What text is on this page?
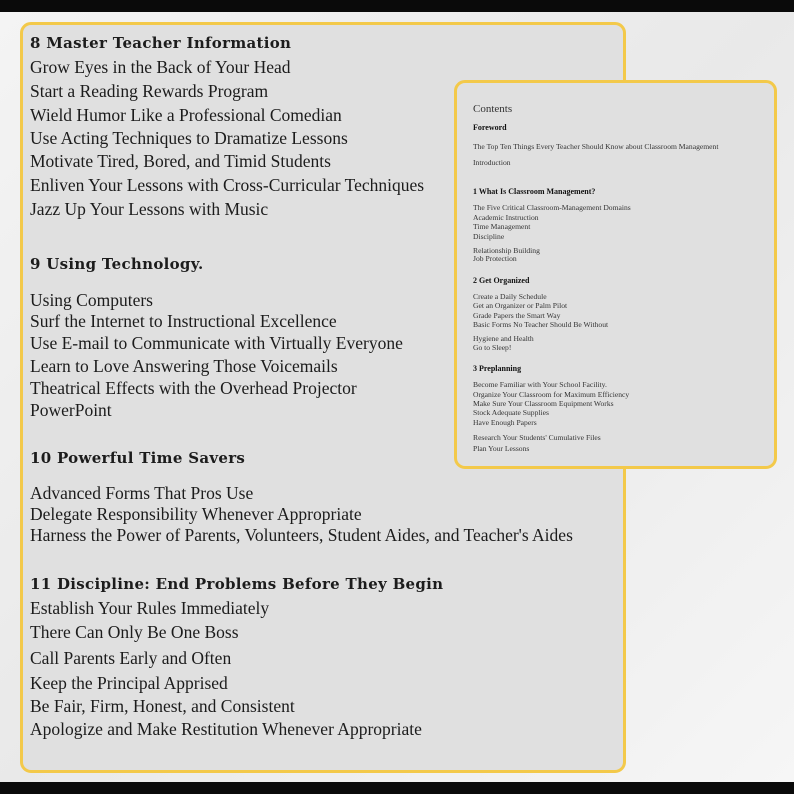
8 Master Teacher Information
Grow Eyes in the Back of Your Head
Start a Reading Rewards Program
Wield Humor Like a Professional Comedian
Use Acting Techniques to Dramatize Lessons
Motivate Tired, Bored, and Timid Students
Enliven Your Lessons with Cross-Curricular Techniques
Jazz Up Your Lessons with Music
9 Using Technology.
Using Computers
Surf the Internet to Instructional Excellence
Use E-mail to Communicate with Virtually Everyone
Learn to Love Answering Those Voicemails
Theatrical Effects with the Overhead Projector
PowerPoint
10 Powerful Time Savers
Advanced Forms That Pros Use
Delegate Responsibility Whenever Appropriate
Harness the Power of Parents, Volunteers, Student Aides, and Teacher's Aides
11 Discipline: End Problems Before They Begin
Establish Your Rules Immediately
There Can Only Be One Boss
Call Parents Early and Often
Keep the Principal Apprised
Be Fair, Firm, Honest, and Consistent
Apologize and Make Restitution Whenever Appropriate
Contents
Foreword
The Top Ten Things Every Teacher Should Know about Classroom Management
Introduction
1 What Is Classroom Management?
The Five Critical Classroom-Management Domains
Academic Instruction
Time Management
Discipline
Relationship Building
Job Protection
2 Get Organized
Create a Daily Schedule
Get an Organizer or Palm Pilot
Grade Papers the Smart Way
Basic Forms No Teacher Should Be Without
Hygiene and Health
Go to Sleep!
3 Preplanning
Become Familiar with Your School Facility.
Organize Your Classroom for Maximum Efficiency
Make Sure Your Classroom Equipment Works
Stock Adequate Supplies
Have Enough Papers
Research Your Students' Cumulative Files
Plan Your Lessons
